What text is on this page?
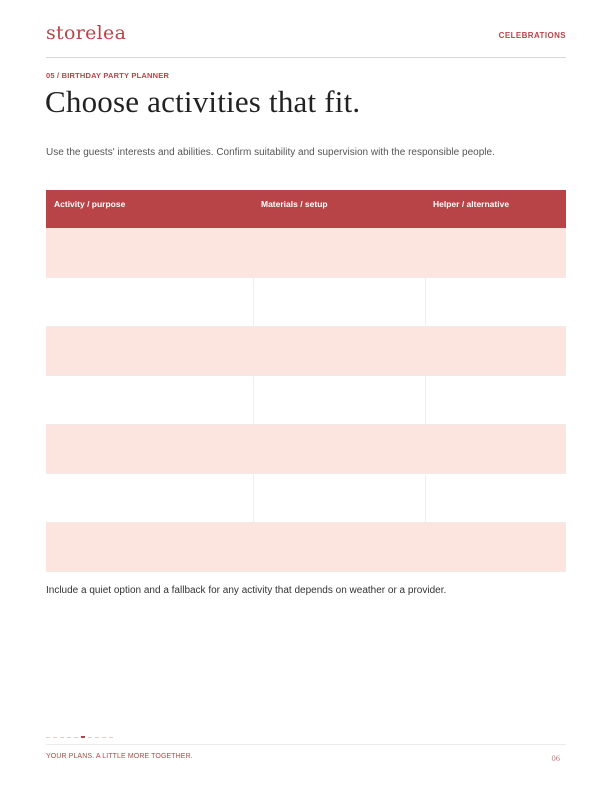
storelea	CELEBRATIONS
05 / BIRTHDAY PARTY PLANNER
Choose activities that fit.

Use the guests' interests and abilities. Confirm suitability and supervision with the responsible people.

Activity / purpose	Materials / setup	Helper / alternative

Include a quiet option and a fallback for any activity that depends on weather or a provider.

YOUR PLANS. A LITTLE MORE TOGETHER.	06
